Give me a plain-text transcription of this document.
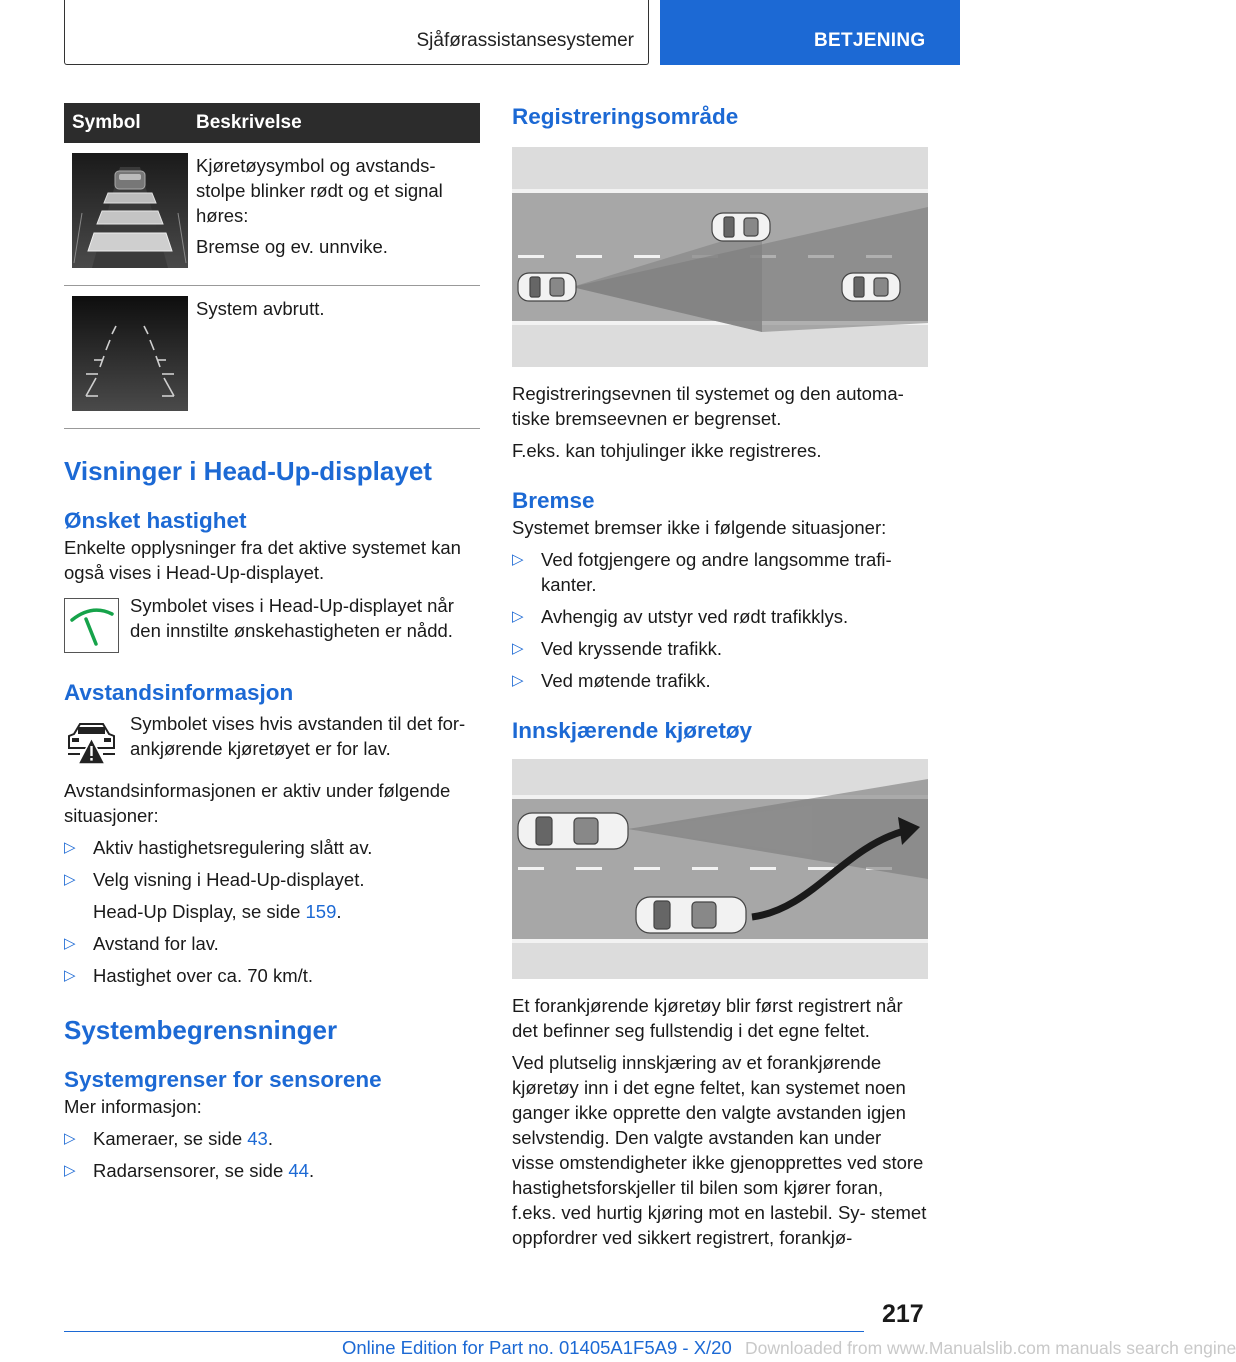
Sjåførassistansesystemer	BETJENING
Symbol	Beskrivelse

Kjøretøysymbol og avstands- stolpe blinker rødt og et signal høres:

Bremse og ev. unnvike.

System avbrutt.

Visninger i Head-Up-displayet
Ønsket hastighet

Enkelte opplysninger fra det aktive systemet kan også vises i Head-Up-displayet.

Symbolet vises i Head-Up-displayet når den innstilte ønskehastigheten er nådd.
Avstandsinformasjon
Symbolet vises hvis avstanden til det for- ankjørende kjøretøyet er for lav.

Avstandsinformasjonen er aktiv under følgende situasjoner:

▷ Aktiv hastighetsregulering slått av.
▷ Velg visning i Head-Up-displayet.
Head-Up Display, se side 159.
▷ Avstand for lav.
▷ Hastighet over ca. 70 km/t.
Systembegrensninger
Systemgrenser for sensorene

Mer informasjon:

▷ Kameraer, se side 43.
▷ Radarsensorer, se side 44.
Registreringsområde

Registreringsevnen til systemet og den automa- tiske bremseevnen er begrenset.

F.eks. kan tohjulinger ikke registreres.

Bremse

Systemet bremser ikke i følgende situasjoner:

▷ Ved fotgjengere og andre langsomme trafi- kanter.
▷ Avhengig av utstyr ved rødt trafikklys.
▷ Ved kryssende trafikk.
▷ Ved møtende trafikk.
Innskjærende kjøretøy

Et forankjørende kjøretøy blir først registrert når det befinner seg fullstendig i det egne feltet.

Ved plutselig innskjæring av et forankjørende kjøretøy inn i det egne feltet, kan systemet noen ganger ikke opprette den valgte avstanden igjen selvstendig. Den valgte avstanden kan under visse omstendigheter ikke gjenopprettes ved store hastighetsforskjeller til bilen som kjører foran, f.eks. ved hurtig kjøring mot en lastebil. Sy- stemet oppfordrer ved sikkert registrert, forankjø-

217
Online Edition for Part no. 01405A1F5A9 - X/20 Downloaded from www.Manualslib.com manuals search engine
